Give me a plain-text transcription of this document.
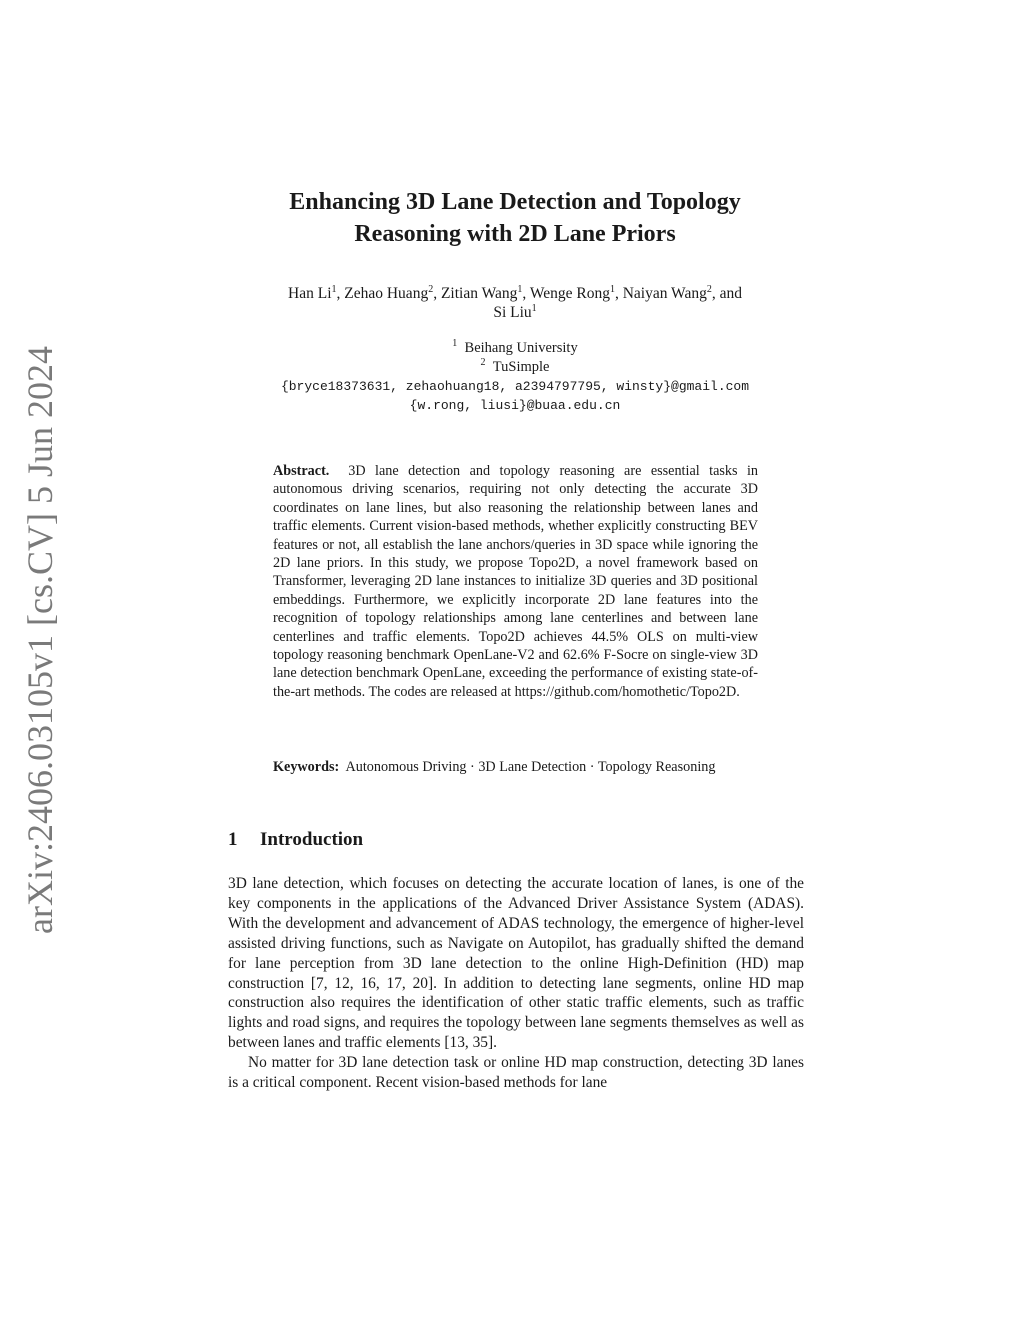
arXiv:2406.03105v1 [cs.CV] 5 Jun 2024
Enhancing 3D Lane Detection and Topology
Reasoning with 2D Lane Priors
Han Li$^1$, Zehao Huang$^2$, Zitian Wang$^1$, Wenge Rong$^1$, Naiyan Wang$^2$, and
Si Liu$^1$
$^1$ Beihang University
$^2$ TuSimple
{bryce18373631, zehaohuang18, a2394797795, winsty}@gmail.com
{w.rong, liusi}@buaa.edu.cn
Abstract. 3D lane detection and topology reasoning are essential tasks in autonomous driving scenarios, requiring not only detecting the accurate 3D coordinates on lane lines, but also reasoning the relationship between lanes and traffic elements. Current vision-based methods, whether explicitly constructing BEV features or not, all establish the lane anchors/queries in 3D space while ignoring the 2D lane priors. In this study, we propose Topo2D, a novel framework based on Transformer, leveraging 2D lane instances to initialize 3D queries and 3D positional embeddings. Furthermore, we explicitly incorporate 2D lane features into the recognition of topology relationships among lane centerlines and between lane centerlines and traffic elements. Topo2D achieves 44.5% OLS on multi-view topology reasoning benchmark OpenLane-V2 and 62.6% F-Socre on single-view 3D lane detection benchmark OpenLane, exceeding the performance of existing state-of-the-art methods. The codes are released at https://github.com/homothetic/Topo2D.
Keywords: Autonomous Driving · 3D Lane Detection · Topology Reasoning
1 Introduction

3D lane detection, which focuses on detecting the accurate location of lanes, is one of the key components in the applications of the Advanced Driver Assistance System (ADAS). With the development and advancement of ADAS technology, the emergence of higher-level assisted driving functions, such as Navigate on Autopilot, has gradually shifted the demand for lane perception from 3D lane detection to the online High-Definition (HD) map construction [7, 12, 16, 17, 20]. In addition to detecting lane segments, online HD map construction also requires the identification of other static traffic elements, such as traffic lights and road signs, and requires the topology between lane segments themselves as well as between lanes and traffic elements [13, 35].

No matter for 3D lane detection task or online HD map construction, detecting 3D lanes is a critical component. Recent vision-based methods for lane
